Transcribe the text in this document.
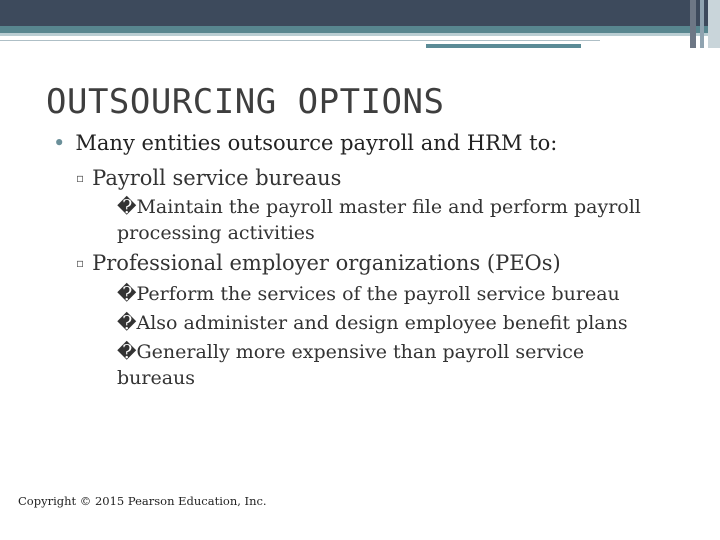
OUTSOURCING OPTIONS
• Many entities outsource payroll and HRM to:
▫ Payroll service bureaus
�Maintain the payroll master file and perform payroll
processing activities
▫ Professional employer organizations (PEOs)
�Perform the services of the payroll service bureau
�Also administer and design employee benefit plans
�Generally more expensive than payroll service
bureaus
Copyright © 2015 Pearson Education, Inc.
